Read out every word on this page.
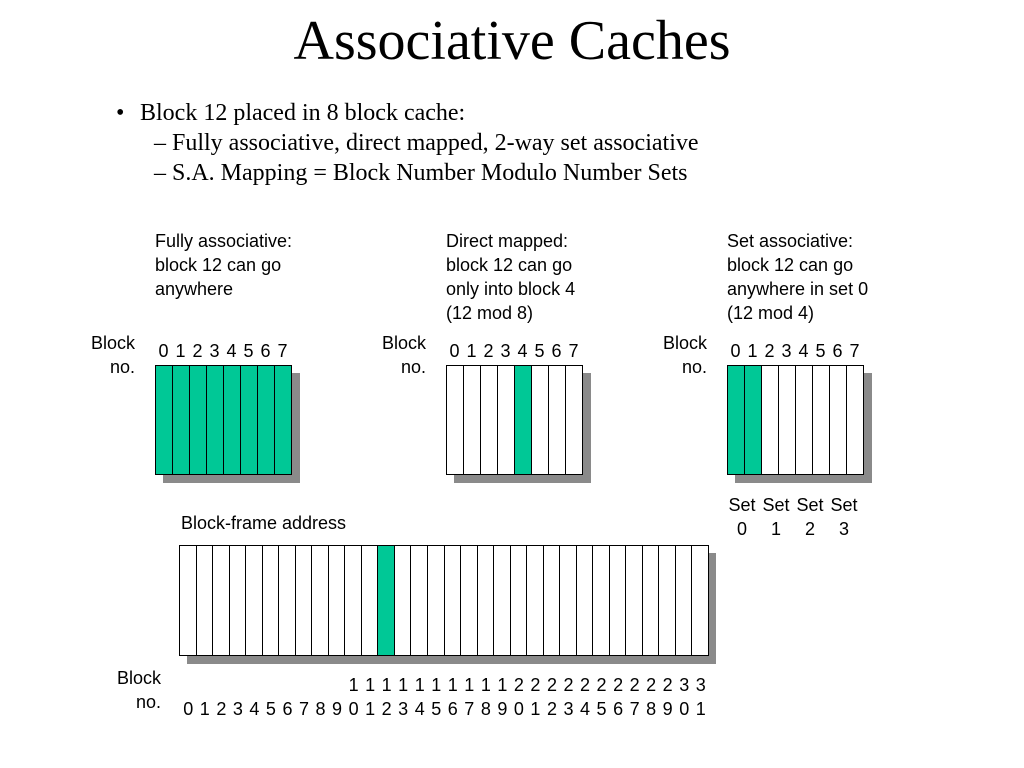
Associative Caches
• Block 12 placed in 8 block cache:
– Fully associative, direct mapped, 2-way set associative
– S.A. Mapping = Block Number Modulo Number Sets
Fully associative:
block 12 can go
anywhere
Block
no.
0 1 2 3 4 5 6 7
Direct mapped:
block 12 can go
only into block 4
(12 mod 8)
Block
no.
0 1 2 3 4 5 6 7
Set associative:
block 12 can go
anywhere in set 0
(12 mod 4)
Block
no.
0 1 2 3 4 5 6 7
Set
0
Set
1
Set
2
Set
3
Block-frame address
Block
no.
1 1 1 1 1 1 1 1 1 1 2 2 2 2 2 2 2 2 2 2 3 3
0 1 2 3 4 5 6 7 8 9 0 1 2 3 4 5 6 7 8 9 0 1 2 3 4 5 6 7 8 9 0 1
